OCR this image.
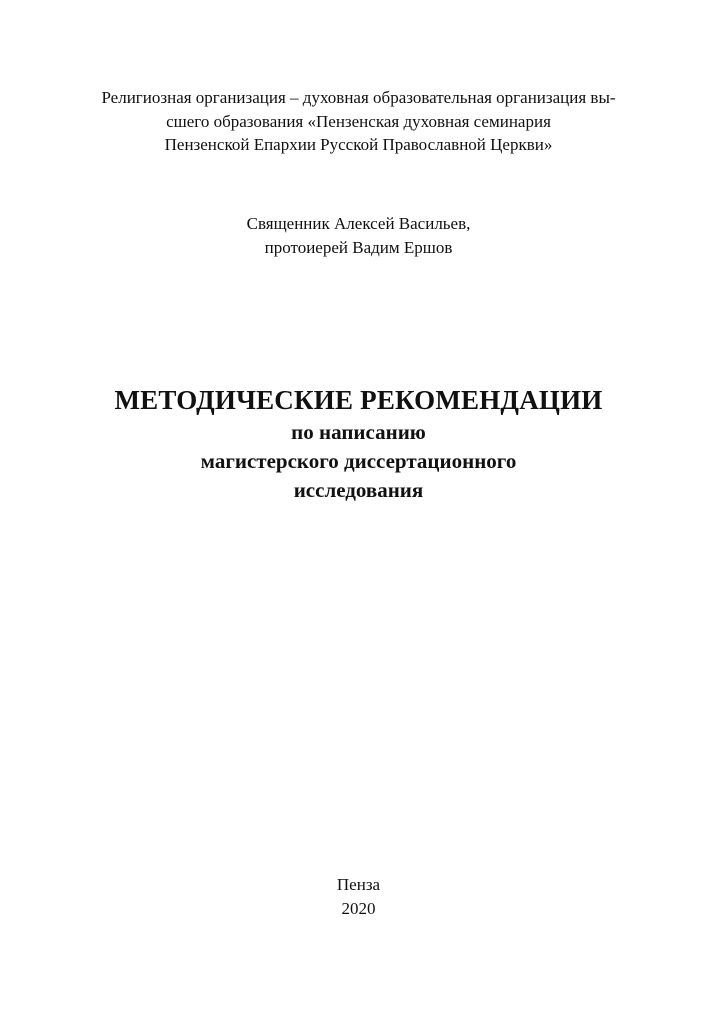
Религиозная организация – духовная образовательная организация вы-
сшего образования «Пензенская духовная семинария
Пензенской Епархии Русской Православной Церкви»
Священник Алексей Васильев,
протоиерей Вадим Ершов
МЕТОДИЧЕСКИЕ РЕКОМЕНДАЦИИ
по написанию
магистерского диссертационного
исследования
Пенза
2020
